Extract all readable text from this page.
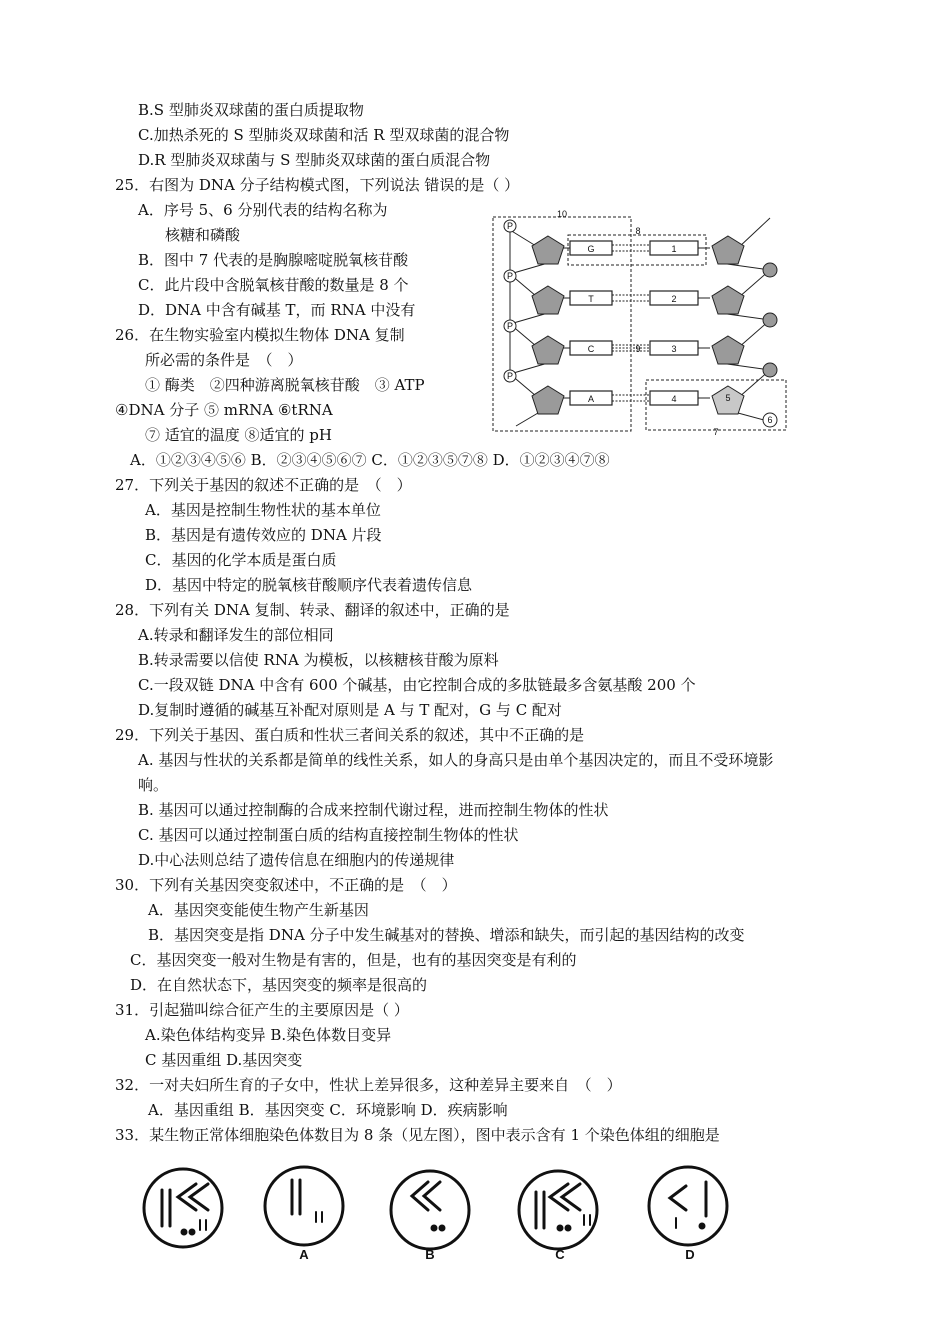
B.S 型肺炎双球菌的蛋白质提取物
C.加热杀死的 S 型肺炎双球菌和活 R 型双球菌的混合物
D.R 型肺炎双球菌与 S 型肺炎双球菌的蛋白质混合物
25．右图为 DNA 分子结构模式图，下列说法 错误的是（ ）
A．序号 5、6 分别代表的结构名称为
核糖和磷酸
B．图中 7 代表的是胸腺嘧啶脱氧核苷酸
C．此片段中含脱氧核苷酸的数量是 8 个
D．DNA 中含有碱基 T，而 RNA 中没有
26．在生物实验室内模拟生物体 DNA 复制
所必需的条件是　（　）
① 酶类　②四种游离脱氧核苷酸　③ ATP
④DNA 分子 ⑤ mRNA ⑥tRNA
⑦ 适宜的温度 ⑧适宜的 pH
A．①②③④⑤⑥ B．②③④⑤⑥⑦ C．①②③⑤⑦⑧ D．①②③④⑦⑧
27．下列关于基因的叙述不正确的是　（　）
A．基因是控制生物性状的基本单位
B．基因是有遗传效应的 DNA 片段
C．基因的化学本质是蛋白质
D．基因中特定的脱氧核苷酸顺序代表着遗传信息
28．下列有关 DNA 复制、转录、翻译的叙述中，正确的是
A.转录和翻译发生的部位相同
B.转录需要以信使 RNA 为模板，以核糖核苷酸为原料
C.一段双链 DNA 中含有 600 个碱基，由它控制合成的多肽链最多含氨基酸 200 个
D.复制时遵循的碱基互补配对原则是 A 与 T 配对，G 与 C 配对
29．下列关于基因、蛋白质和性状三者间关系的叙述，其中不正确的是
A. 基因与性状的关系都是简单的线性关系，如人的身高只是由单个基因决定的，而且不受环境影
响。
B. 基因可以通过控制酶的合成来控制代谢过程，进而控制生物体的性状
C. 基因可以通过控制蛋白质的结构直接控制生物体的性状
D.中心法则总结了遗传信息在细胞内的传递规律
30．下列有关基因突变叙述中，不正确的是　（　）
A．基因突变能使生物产生新基因
B．基因突变是指 DNA 分子中发生碱基对的替换、增添和缺失，而引起的基因结构的改变
C．基因突变一般对生物是有害的，但是，也有的基因突变是有利的
D．在自然状态下，基因突变的频率是很高的
31．引起猫叫综合征产生的主要原因是（ ）
A.染色体结构变异 B.染色体数目变异
C 基因重组 D.基因突变
32．一对夫妇所生育的子女中，性状上差异很多，这种差异主要来自　（　）
A．基因重组 B．基因突变 C．环境影响 D．疾病影响
33．某生物正常体细胞染色体数目为 8 条（见左图），图中表示含有 1 个染色体组的细胞是
P
P
P
P
G
T
C
A
1
2
3
4
10
8
9
5
6
7
A	B	C	D
